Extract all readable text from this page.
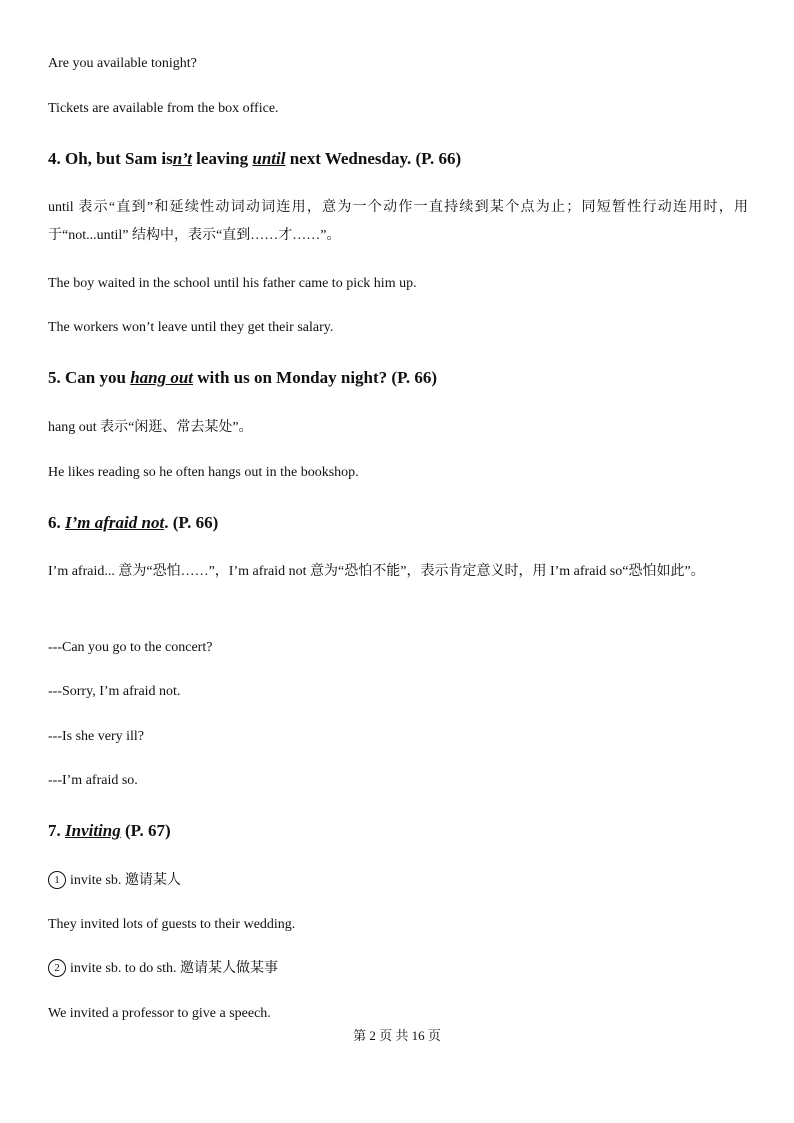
Are you available tonight?
Tickets are available from the box office.
4. Oh, but Sam isn’t leaving until next Wednesday. (P. 66)
until 表示“直到”和延续性动词动词连用，意为一个动作一直持续到某个点为止；同短暂性行动连用时，用于“not...until” 结构中，表示“直到……才……”。
The boy waited in the school until his father came to pick him up.
The workers won’t leave until they get their salary.
5. Can you hang out with us on Monday night? (P. 66)
hang out 表示“闲逛、常去某处”。
He likes reading so he often hangs out in the bookshop.
6. I’m afraid not. (P. 66)
I’m afraid... 意为“恐怕……”，I’m afraid not 意为“恐怕不能”，表示肯定意义时，用 I’m afraid so“恐怕如此”。
---Can you go to the concert?
---Sorry, I’m afraid not.
---Is she very ill?
---I’m afraid so.
7. Inviting (P. 67)
1 invite sb. 邀请某人
They invited lots of guests to their wedding.
2 invite sb. to do sth. 邀请某人做某事
We invited a professor to give a speech.
第 2 页 共 16 页
